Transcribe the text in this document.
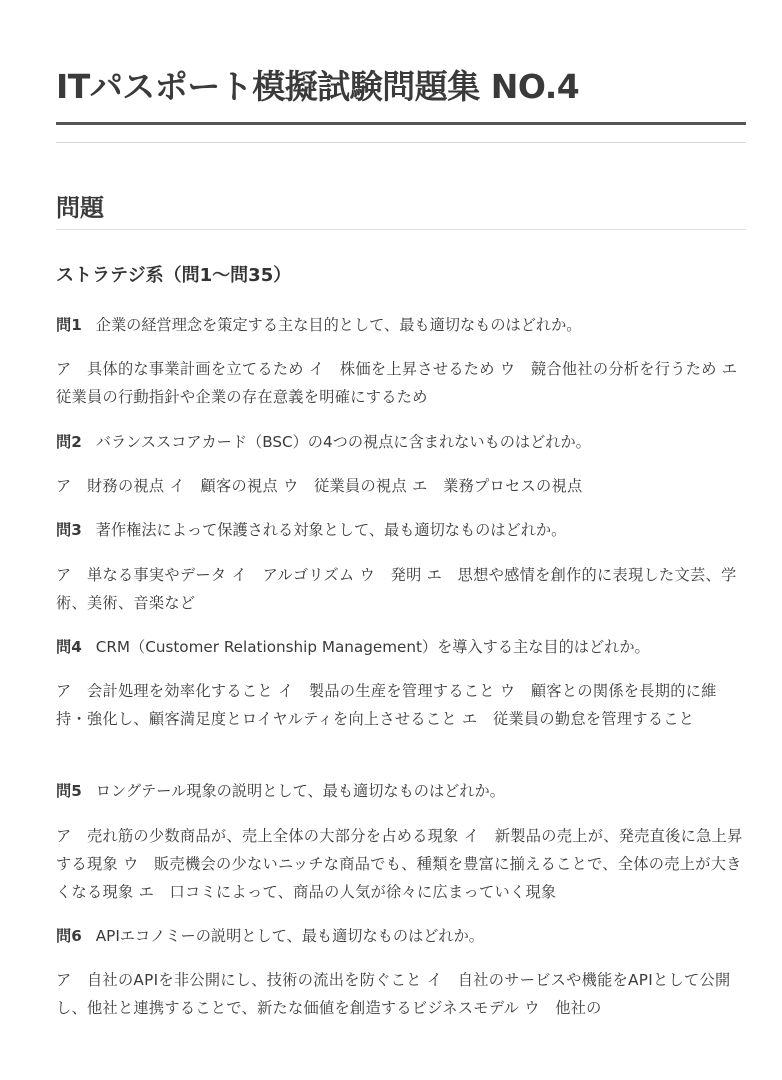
ITパスポート模擬試験問題集 NO.4
問題
ストラテジ系（問1〜問35）
問1 企業の経営理念を策定する主な目的として、最も適切なものはどれか。
ア　具体的な事業計画を立てるため イ　株価を上昇させるため ウ　競合他社の分析を行うため エ　従業員の行動指針や企業の存在意義を明確にするため
問2 バランススコアカード（BSC）の4つの視点に含まれないものはどれか。
ア　財務の視点 イ　顧客の視点 ウ　従業員の視点 エ　業務プロセスの視点
問3 著作権法によって保護される対象として、最も適切なものはどれか。
ア　単なる事実やデータ イ　アルゴリズム ウ　発明 エ　思想や感情を創作的に表現した文芸、学術、美術、音楽など
問4 CRM（Customer Relationship Management）を導入する主な目的はどれか。
ア　会計処理を効率化すること イ　製品の生産を管理すること ウ　顧客との関係を長期的に維持・強化し、顧客満足度とロイヤルティを向上させること エ　従業員の勤怠を管理すること
問5 ロングテール現象の説明として、最も適切なものはどれか。
ア　売れ筋の少数商品が、売上全体の大部分を占める現象 イ　新製品の売上が、発売直後に急上昇する現象 ウ　販売機会の少ないニッチな商品でも、種類を豊富に揃えることで、全体の売上が大きくなる現象 エ　口コミによって、商品の人気が徐々に広まっていく現象
問6 APIエコノミーの説明として、最も適切なものはどれか。
ア　自社のAPIを非公開にし、技術の流出を防ぐこと イ　自社のサービスや機能をAPIとして公開し、他社と連携することで、新たな価値を創造するビジネスモデル ウ　他社の
